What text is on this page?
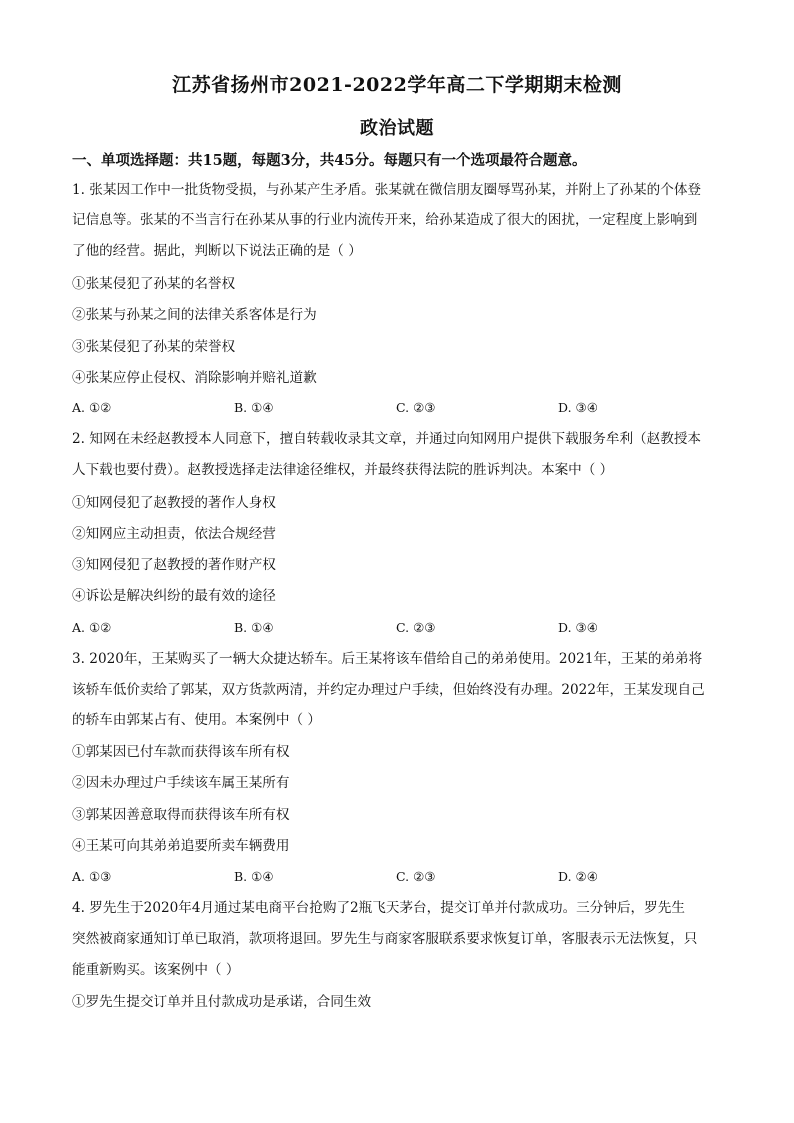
江苏省扬州市2021-2022学年高二下学期期末检测
政治试题
一、单项选择题：共15题，每题3分，共45分。每题只有一个选项最符合题意。
1. 张某因工作中一批货物受损，与孙某产生矛盾。张某就在微信朋友圈辱骂孙某，并附上了孙某的个体登
记信息等。张某的不当言行在孙某从事的行业内流传开来，给孙某造成了很大的困扰，一定程度上影响到
了他的经营。据此，判断以下说法正确的是（ ）
①张某侵犯了孙某的名誉权
②张某与孙某之间的法律关系客体是行为
③张某侵犯了孙某的荣誉权
④张某应停止侵权、消除影响并赔礼道歉
A. ①②	B. ①④	C. ②③	D. ③④
2. 知网在未经赵教授本人同意下，擅自转载收录其文章，并通过向知网用户提供下载服务牟利（赵教授本
人下载也要付费）。赵教授选择走法律途径维权，并最终获得法院的胜诉判决。本案中（ ）
①知网侵犯了赵教授的著作人身权
②知网应主动担责，依法合规经营
③知网侵犯了赵教授的著作财产权
④诉讼是解决纠纷的最有效的途径
A. ①②	B. ①④	C. ②③	D. ③④
3. 2020年，王某购买了一辆大众捷达轿车。后王某将该车借给自己的弟弟使用。2021年，王某的弟弟将
该轿车低价卖给了郭某，双方货款两清，并约定办理过户手续，但始终没有办理。2022年，王某发现自己
的轿车由郭某占有、使用。本案例中（ ）
①郭某因已付车款而获得该车所有权
②因未办理过户手续该车属王某所有
③郭某因善意取得而获得该车所有权
④王某可向其弟弟追要所卖车辆费用
A. ①③	B. ①④	C. ②③	D. ②④
4. 罗先生于2020年4月通过某电商平台抢购了2瓶飞天茅台，提交订单并付款成功。三分钟后，罗先生
突然被商家通知订单已取消，款项将退回。罗先生与商家客服联系要求恢复订单，客服表示无法恢复，只
能重新购买。该案例中（ ）
①罗先生提交订单并且付款成功是承诺，合同生效
